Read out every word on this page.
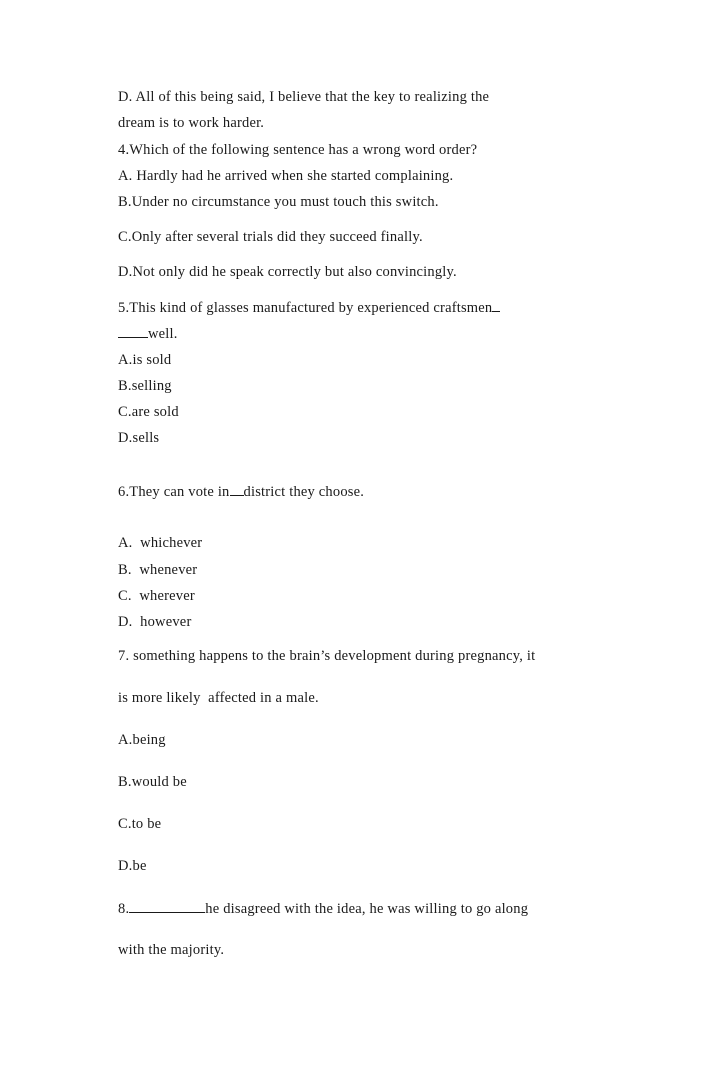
D. All of this being said, I believe that the key to realizing the
dream is to work harder.
4.Which of the following sentence has a wrong word order?
A. Hardly had he arrived when she started complaining.
B.Under no circumstance you must touch this switch.
C.Only after several trials did they succeed finally.
D.Not only did he speak correctly but also convincingly.
5.This kind of glasses manufactured by experienced craftsmen
well.
A.is sold
B.selling
C.are sold
D.sells
6.They can vote in district they choose.
A.  whichever
B.  whenever
C.  wherever
D.  however
7. something happens to the brain’s development during pregnancy, it
is more likely  affected in a male.
A.being
B.would be
C.to be
D.be
8.	he disagreed with the idea, he was willing to go along
with the majority.
